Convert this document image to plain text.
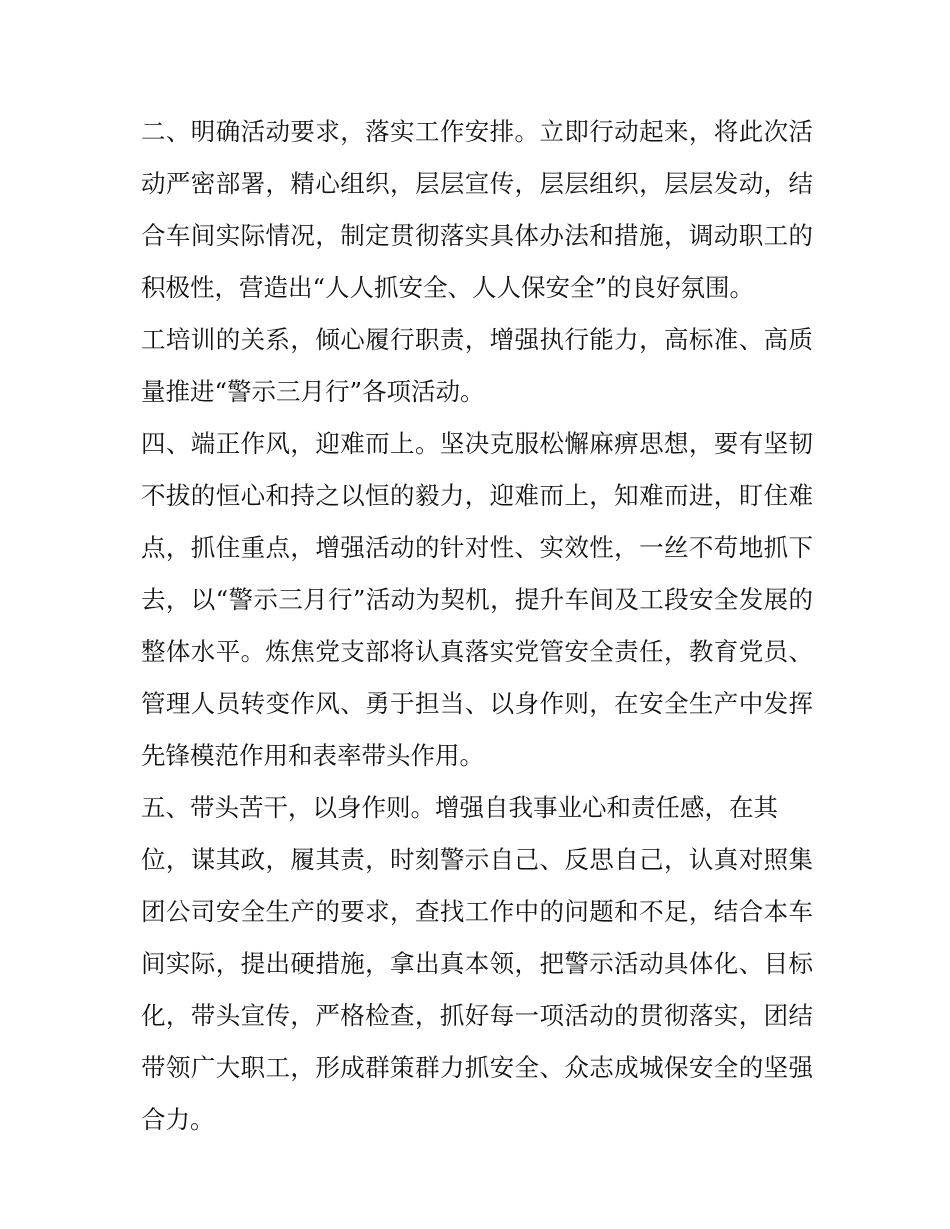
二、明确活动要求，落实工作安排。立即行动起来，将此次活
动严密部署，精心组织，层层宣传，层层组织，层层发动，结
合车间实际情况，制定贯彻落实具体办法和措施，调动职工的
积极性，营造出“人人抓安全、人人保安全”的良好氛围。
工培训的关系，倾心履行职责，增强执行能力，高标准、高质
量推进“警示三月行”各项活动。
四、端正作风，迎难而上。坚决克服松懈麻痹思想，要有坚韧
不拔的恒心和持之以恒的毅力，迎难而上，知难而进，盯住难
点，抓住重点，增强活动的针对性、实效性，一丝不苟地抓下
去，以“警示三月行”活动为契机，提升车间及工段安全发展的
整体水平。炼焦党支部将认真落实党管安全责任，教育党员、
管理人员转变作风、勇于担当、以身作则，在安全生产中发挥
先锋模范作用和表率带头作用。
五、带头苦干，以身作则。增强自我事业心和责任感，在其
位，谋其政，履其责，时刻警示自己、反思自己，认真对照集
团公司安全生产的要求，查找工作中的问题和不足，结合本车
间实际，提出硬措施，拿出真本领，把警示活动具体化、目标
化，带头宣传，严格检查，抓好每一项活动的贯彻落实，团结
带领广大职工，形成群策群力抓安全、众志成城保安全的坚强
合力。
